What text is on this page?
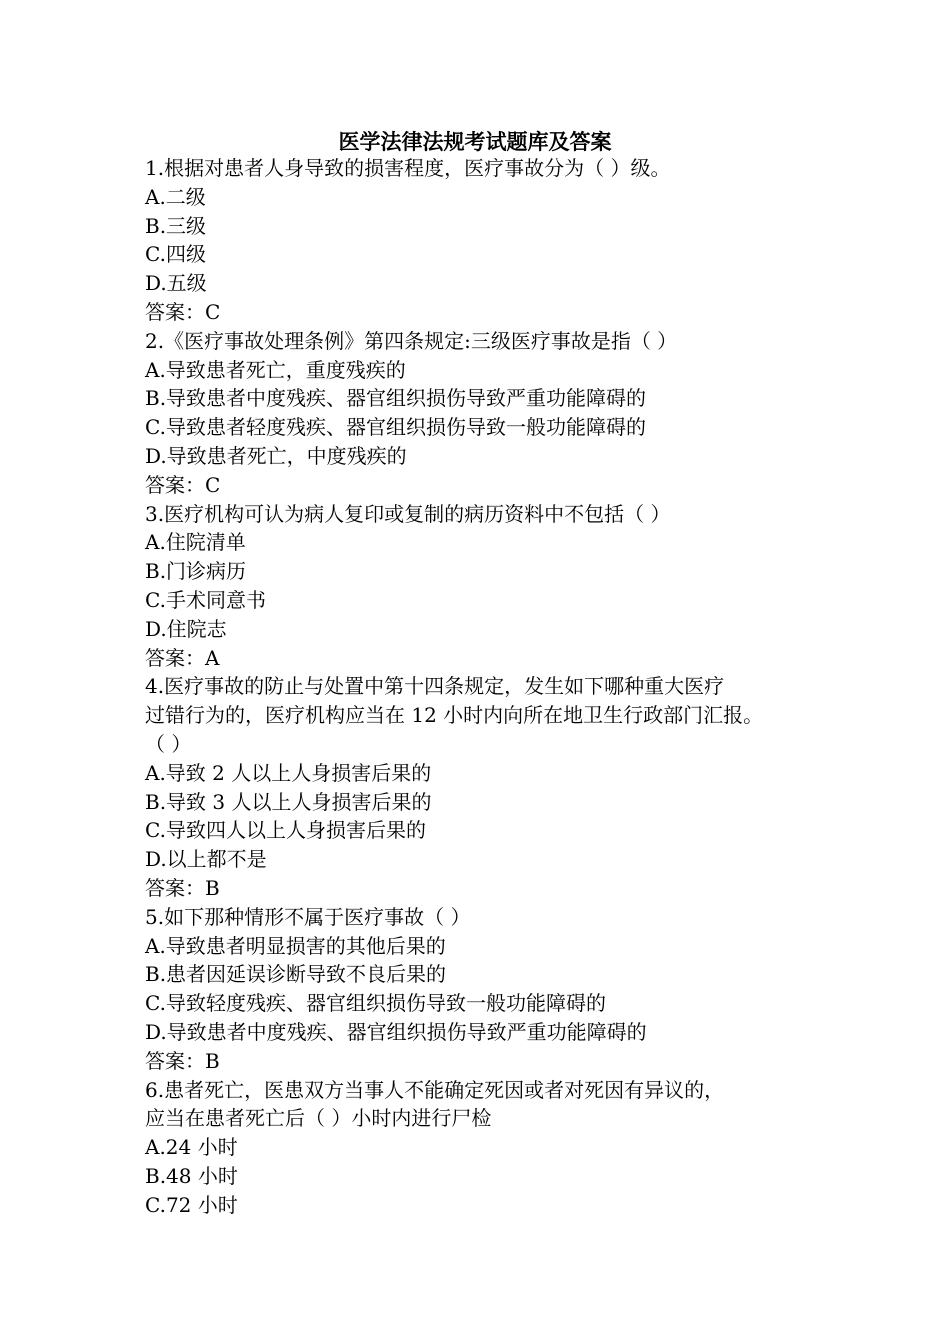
医学法律法规考试题库及答案

1.根据对患者人身导致的损害程度，医疗事故分为（ ）级。

A.二级

B.三级

C.四级

D.五级

答案：C

2.《医疗事故处理条例》第四条规定:三级医疗事故是指（ ）

A.导致患者死亡，重度残疾的

B.导致患者中度残疾、器官组织损伤导致严重功能障碍的

C.导致患者轻度残疾、器官组织损伤导致一般功能障碍的

D.导致患者死亡，中度残疾的

答案：C

3.医疗机构可认为病人复印或复制的病历资料中不包括（ ）

A.住院清单

B.门诊病历

C.手术同意书

D.住院志

答案：A

4.医疗事故的防止与处置中第十四条规定，发生如下哪种重大医疗

过错行为的，医疗机构应当在 12 小时内向所在地卫生行政部门汇报。

（ ）

A.导致 2 人以上人身损害后果的

B.导致 3 人以上人身损害后果的

C.导致四人以上人身损害后果的

D.以上都不是

答案：B

5.如下那种情形不属于医疗事故（ ）

A.导致患者明显损害的其他后果的

B.患者因延误诊断导致不良后果的

C.导致轻度残疾、器官组织损伤导致一般功能障碍的

D.导致患者中度残疾、器官组织损伤导致严重功能障碍的

答案：B

6.患者死亡，医患双方当事人不能确定死因或者对死因有异议的，

应当在患者死亡后（ ）小时内进行尸检

A.24 小时

B.48 小时

C.72 小时
